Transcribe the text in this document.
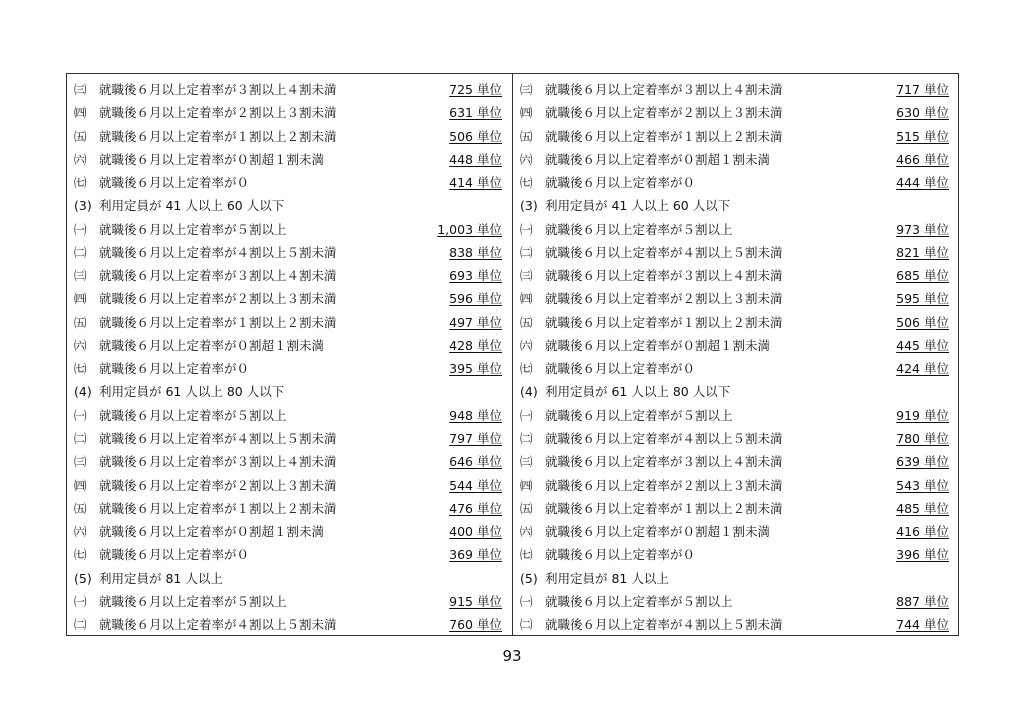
㈢ 就職後６月以上定着率が３割以上４割未満	725 単位
㈣ 就職後６月以上定着率が２割以上３割未満	631 単位
㈤ 就職後６月以上定着率が１割以上２割未満	506 単位
㈥ 就職後６月以上定着率が０割超１割未満	448 単位
㈦ 就職後６月以上定着率が０	414 単位
(3) 利用定員が 41 人以上 60 人以下
㈠ 就職後６月以上定着率が５割以上	1,003 単位
㈡ 就職後６月以上定着率が４割以上５割未満	838 単位
㈢ 就職後６月以上定着率が３割以上４割未満	693 単位
㈣ 就職後６月以上定着率が２割以上３割未満	596 単位
㈤ 就職後６月以上定着率が１割以上２割未満	497 単位
㈥ 就職後６月以上定着率が０割超１割未満	428 単位
㈦ 就職後６月以上定着率が０	395 単位
(4) 利用定員が 61 人以上 80 人以下
㈠ 就職後６月以上定着率が５割以上	948 単位
㈡ 就職後６月以上定着率が４割以上５割未満	797 単位
㈢ 就職後６月以上定着率が３割以上４割未満	646 単位
㈣ 就職後６月以上定着率が２割以上３割未満	544 単位
㈤ 就職後６月以上定着率が１割以上２割未満	476 単位
㈥ 就職後６月以上定着率が０割超１割未満	400 単位
㈦ 就職後６月以上定着率が０	369 単位
(5) 利用定員が 81 人以上
㈠ 就職後６月以上定着率が５割以上	915 単位
㈡ 就職後６月以上定着率が４割以上５割未満	760 単位
㈢ 就職後６月以上定着率が３割以上４割未満	717 単位
㈣ 就職後６月以上定着率が２割以上３割未満	630 単位
㈤ 就職後６月以上定着率が１割以上２割未満	515 単位
㈥ 就職後６月以上定着率が０割超１割未満	466 単位
㈦ 就職後６月以上定着率が０	444 単位
(3) 利用定員が 41 人以上 60 人以下
㈠ 就職後６月以上定着率が５割以上	973 単位
㈡ 就職後６月以上定着率が４割以上５割未満	821 単位
㈢ 就職後６月以上定着率が３割以上４割未満	685 単位
㈣ 就職後６月以上定着率が２割以上３割未満	595 単位
㈤ 就職後６月以上定着率が１割以上２割未満	506 単位
㈥ 就職後６月以上定着率が０割超１割未満	445 単位
㈦ 就職後６月以上定着率が０	424 単位
(4) 利用定員が 61 人以上 80 人以下
㈠ 就職後６月以上定着率が５割以上	919 単位
㈡ 就職後６月以上定着率が４割以上５割未満	780 単位
㈢ 就職後６月以上定着率が３割以上４割未満	639 単位
㈣ 就職後６月以上定着率が２割以上３割未満	543 単位
㈤ 就職後６月以上定着率が１割以上２割未満	485 単位
㈥ 就職後６月以上定着率が０割超１割未満	416 単位
㈦ 就職後６月以上定着率が０	396 単位
(5) 利用定員が 81 人以上
㈠ 就職後６月以上定着率が５割以上	887 単位
㈡ 就職後６月以上定着率が４割以上５割未満	744 単位
93
